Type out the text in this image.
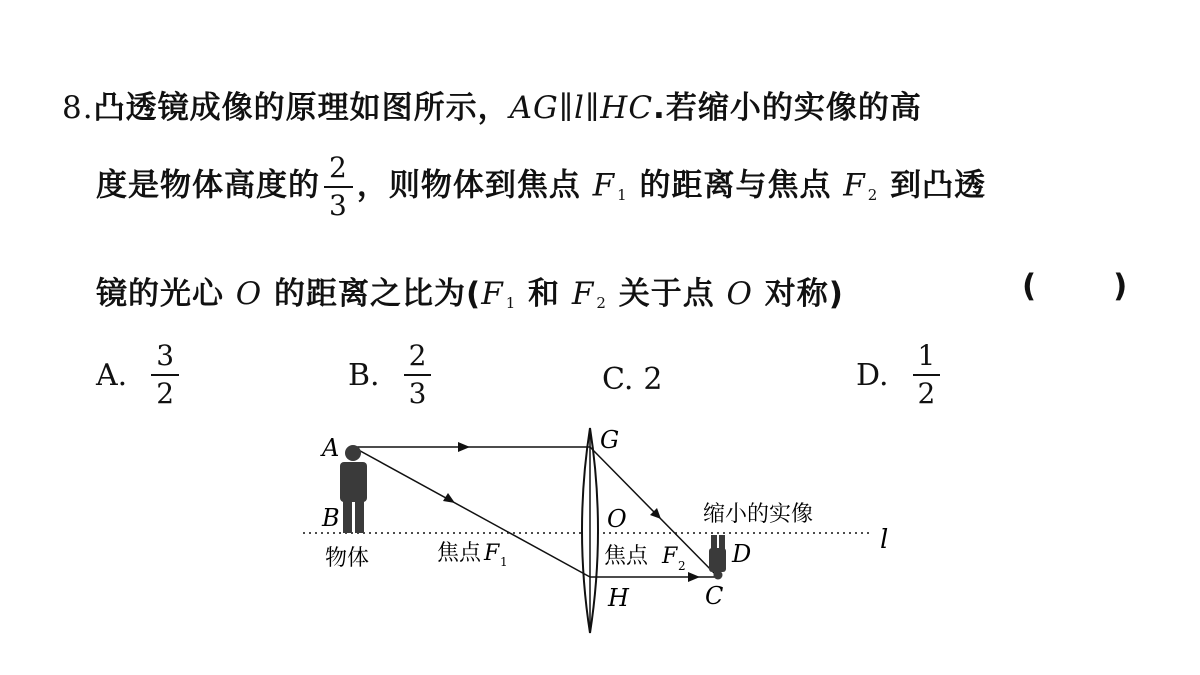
8.凸透镜成像的原理如图所示，AG∥l∥HC.若缩小的实像的高
度是物体高度的 $\frac{2}{3}$ ，则物体到焦点 F $_1$ 的距离与焦点 F $_2$ 到凸透
镜的光心 O 的距离之比为(F $_1$ 和 F $_2$ 关于点 O 对称)	( )
A. $\frac{3}{2}$	B. $\frac{2}{3}$	C. 2	D. $\frac{1}{2}$
A
B
G
O
H	C
D	l
物体	焦点 F 1	焦点 F 2
缩小的实像
